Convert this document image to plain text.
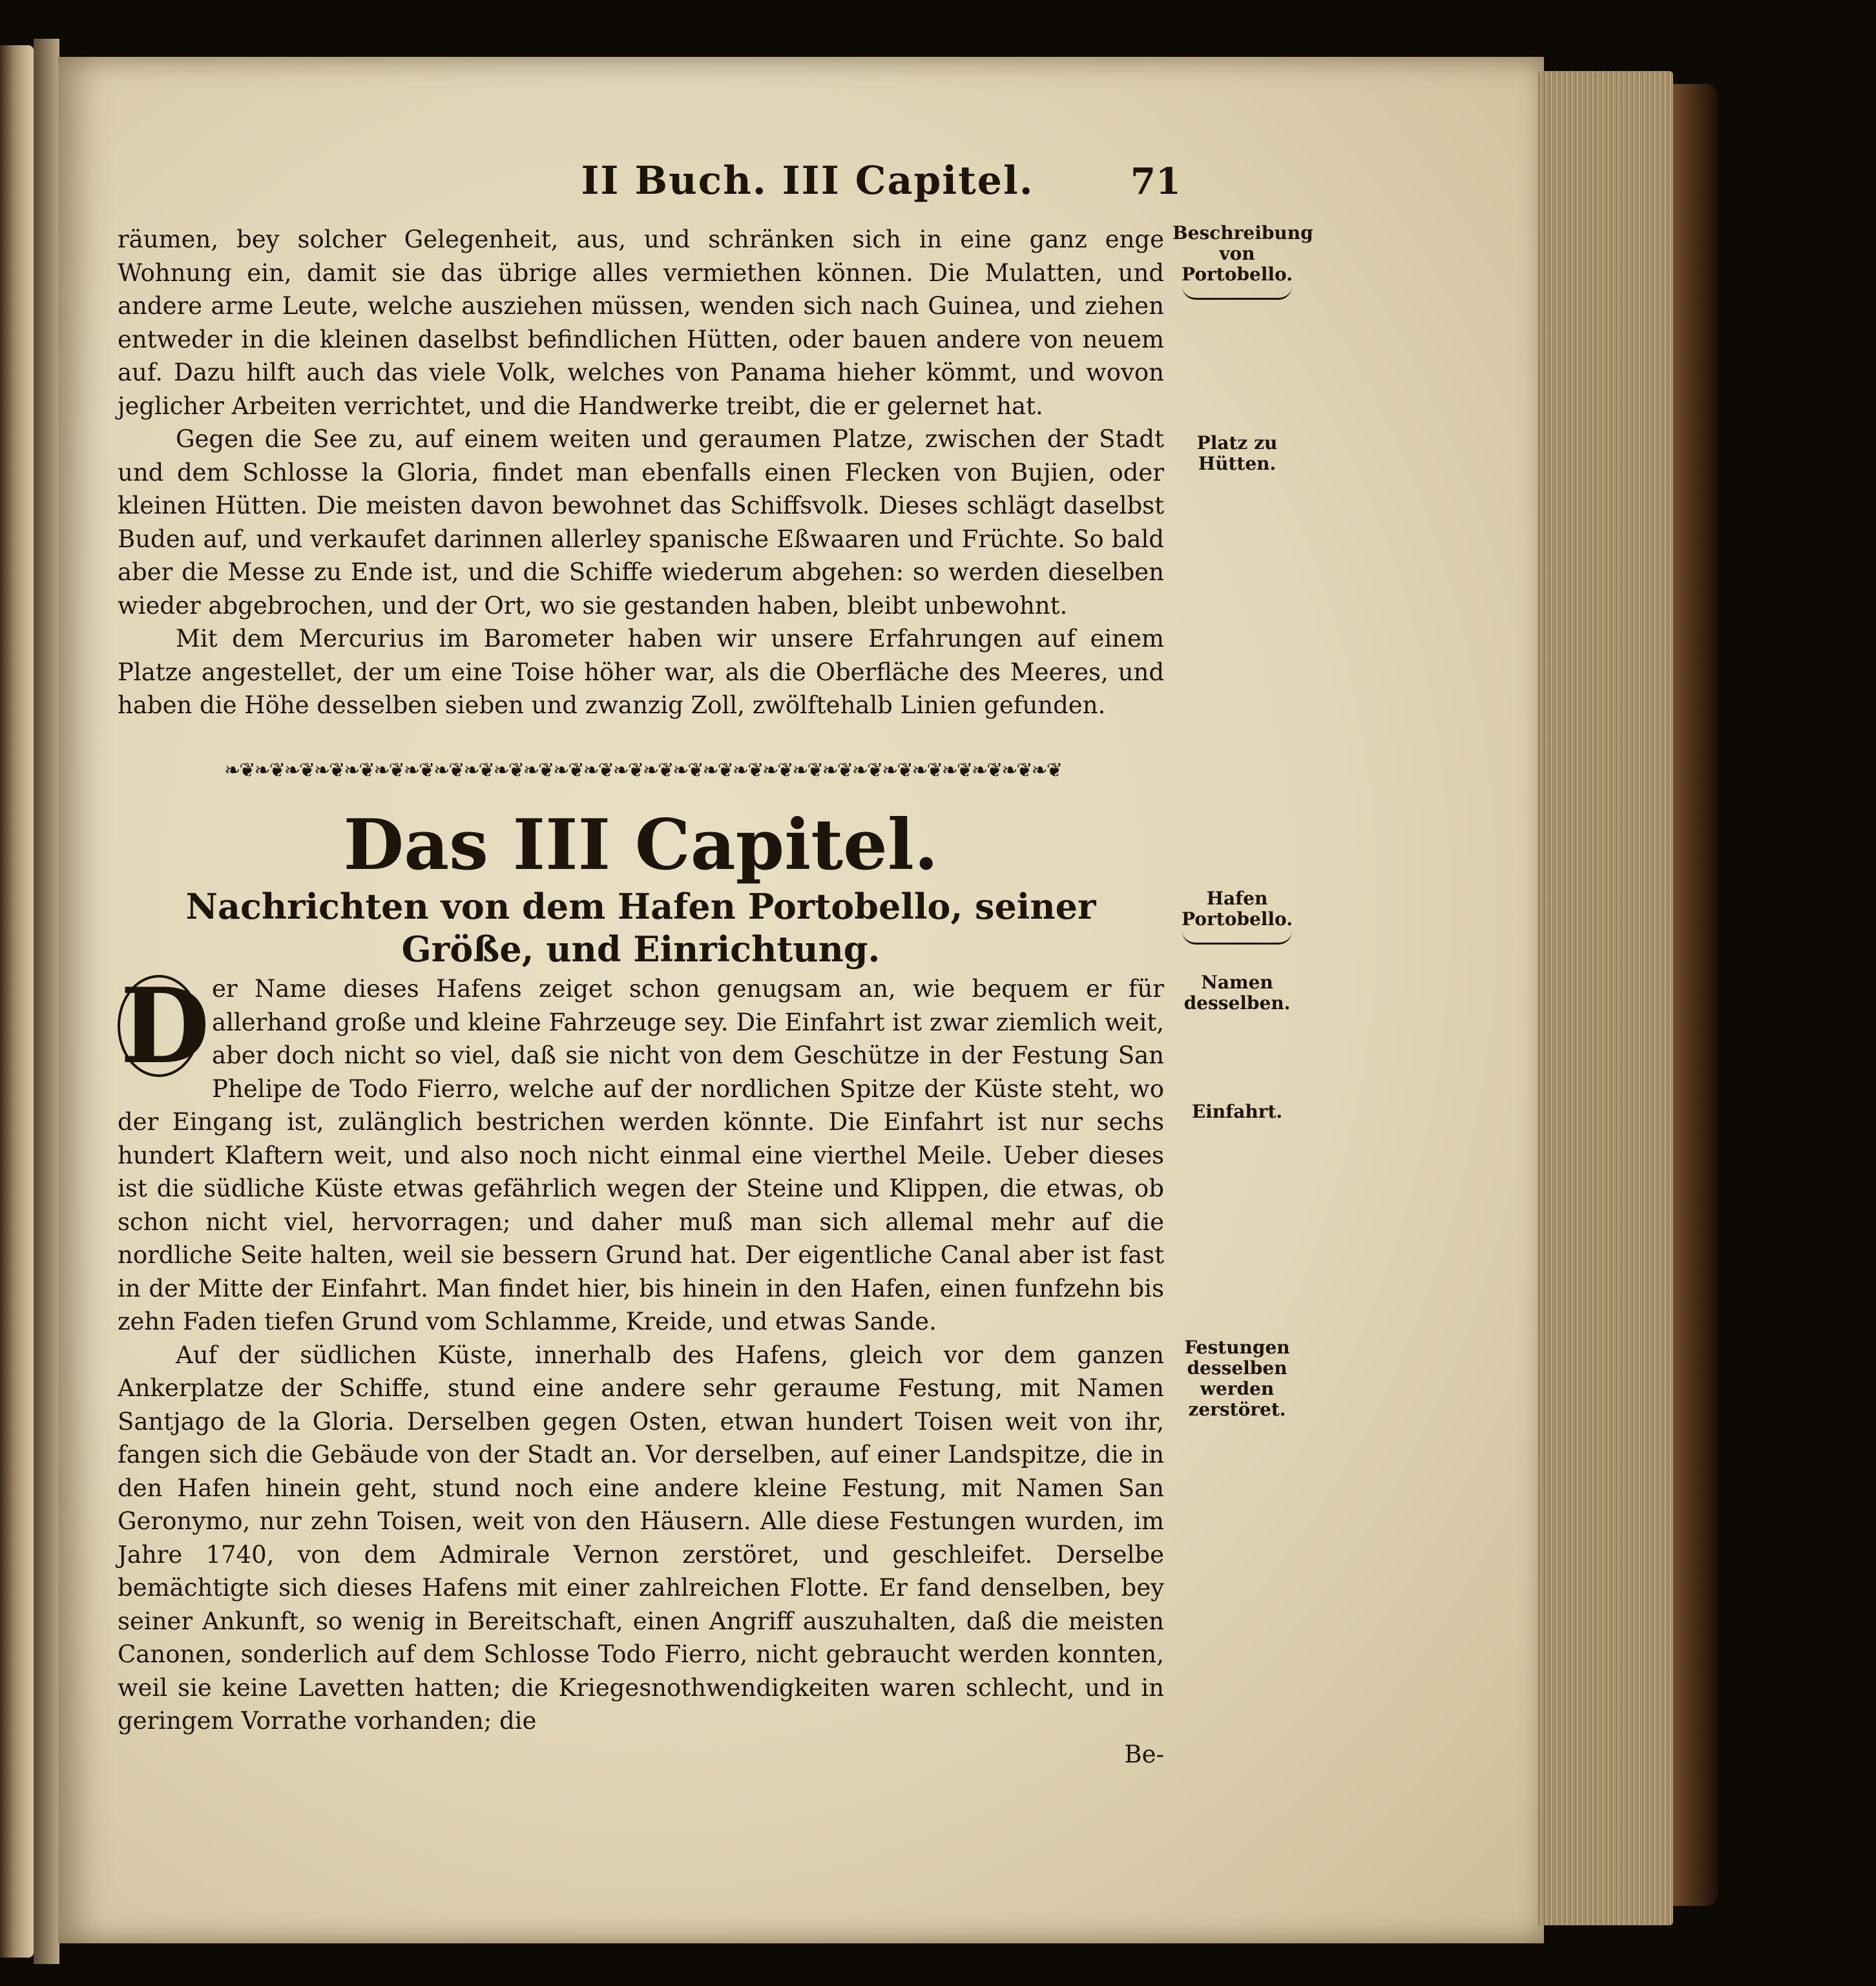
II Buch. III Capitel.	71

räumen, bey solcher Gelegenheit, aus, und schränken sich in eine ganz enge Wohnung ein, damit sie das übrige alles vermiethen können. Die Mulatten, und andere arme Leute, welche ausziehen müssen, wenden sich nach Guinea, und ziehen entweder in die kleinen daselbst befindlichen Hütten, oder bauen andere von neuem auf. Dazu hilft auch das viele Volk, welches von Panama hieher kömmt, und wovon jeglicher Arbeiten verrichtet, und die Handwerke treibt, die er gelernet hat.

Gegen die See zu, auf einem weiten und geraumen Platze, zwischen der Stadt und dem Schlosse la Gloria, findet man ebenfalls einen Flecken von Bujien, oder kleinen Hütten. Die meisten davon bewohnet das Schiffsvolk. Dieses schlägt daselbst Buden auf, und verkaufet darinnen allerley spanische Eßwaaren und Früchte. So bald aber die Messe zu Ende ist, und die Schiffe wiederum abgehen: so werden dieselben wieder abgebrochen, und der Ort, wo sie gestanden haben, bleibt unbewohnt.

Mit dem Mercurius im Barometer haben wir unsere Erfahrungen auf einem Platze angestellet, der um eine Toise höher war, als die Oberfläche des Meeres, und haben die Höhe desselben sieben und zwanzig Zoll, zwölftehalb Linien gefunden.

Beschreibung von Portobello.
Platz zu Hütten.
❧❦❧❦❧❦❧❦❧❦❧❦❧❦❧❦❧❦❧❦❧❦❧❦❧❦❧❦❧❦❧❦❧❦❧❦❧❦❧❦❧❦❧❦❧❦❧❦❧❦❧❦❧❦❧❦
Das III Capitel.
Nachrichten von dem Hafen Portobello, seiner Größe, und Einrichtung.
Hafen Portobello.
Namen desselben.
Einfahrt.
Festungen desselben werden zerstöret.

D er Name dieses Hafens zeiget schon genugsam an, wie bequem er für allerhand große und kleine Fahrzeuge sey. Die Einfahrt ist zwar ziemlich weit, aber doch nicht so viel, daß sie nicht von dem Geschütze in der Festung San Phelipe de Todo Fierro, welche auf der nordlichen Spitze der Küste steht, wo der Eingang ist, zulänglich bestrichen werden könnte. Die Einfahrt ist nur sechs hundert Klaftern weit, und also noch nicht einmal eine vierthel Meile. Ueber dieses ist die südliche Küste etwas gefährlich wegen der Steine und Klippen, die etwas, ob schon nicht viel, hervorragen; und daher muß man sich allemal mehr auf die nordliche Seite halten, weil sie bessern Grund hat. Der eigentliche Canal aber ist fast in der Mitte der Einfahrt. Man findet hier, bis hinein in den Hafen, einen funfzehn bis zehn Faden tiefen Grund vom Schlamme, Kreide, und etwas Sande.

Auf der südlichen Küste, innerhalb des Hafens, gleich vor dem ganzen Ankerplatze der Schiffe, stund eine andere sehr geraume Festung, mit Namen Santjago de la Gloria. Derselben gegen Osten, etwan hundert Toisen weit von ihr, fangen sich die Gebäude von der Stadt an. Vor derselben, auf einer Landspitze, die in den Hafen hinein geht, stund noch eine andere kleine Festung, mit Namen San Geronymo, nur zehn Toisen, weit von den Häusern. Alle diese Festungen wurden, im Jahre 1740, von dem Admirale Vernon zerstöret, und geschleifet. Derselbe bemächtigte sich dieses Hafens mit einer zahlreichen Flotte. Er fand denselben, bey seiner Ankunft, so wenig in Bereitschaft, einen Angriff auszuhalten, daß die meisten Canonen, sonderlich auf dem Schlosse Todo Fierro, nicht gebraucht werden konnten, weil sie keine Lavetten hatten; die Kriegesnothwendigkeiten waren schlecht, und in geringem Vorrathe vorhanden; die

Be-
